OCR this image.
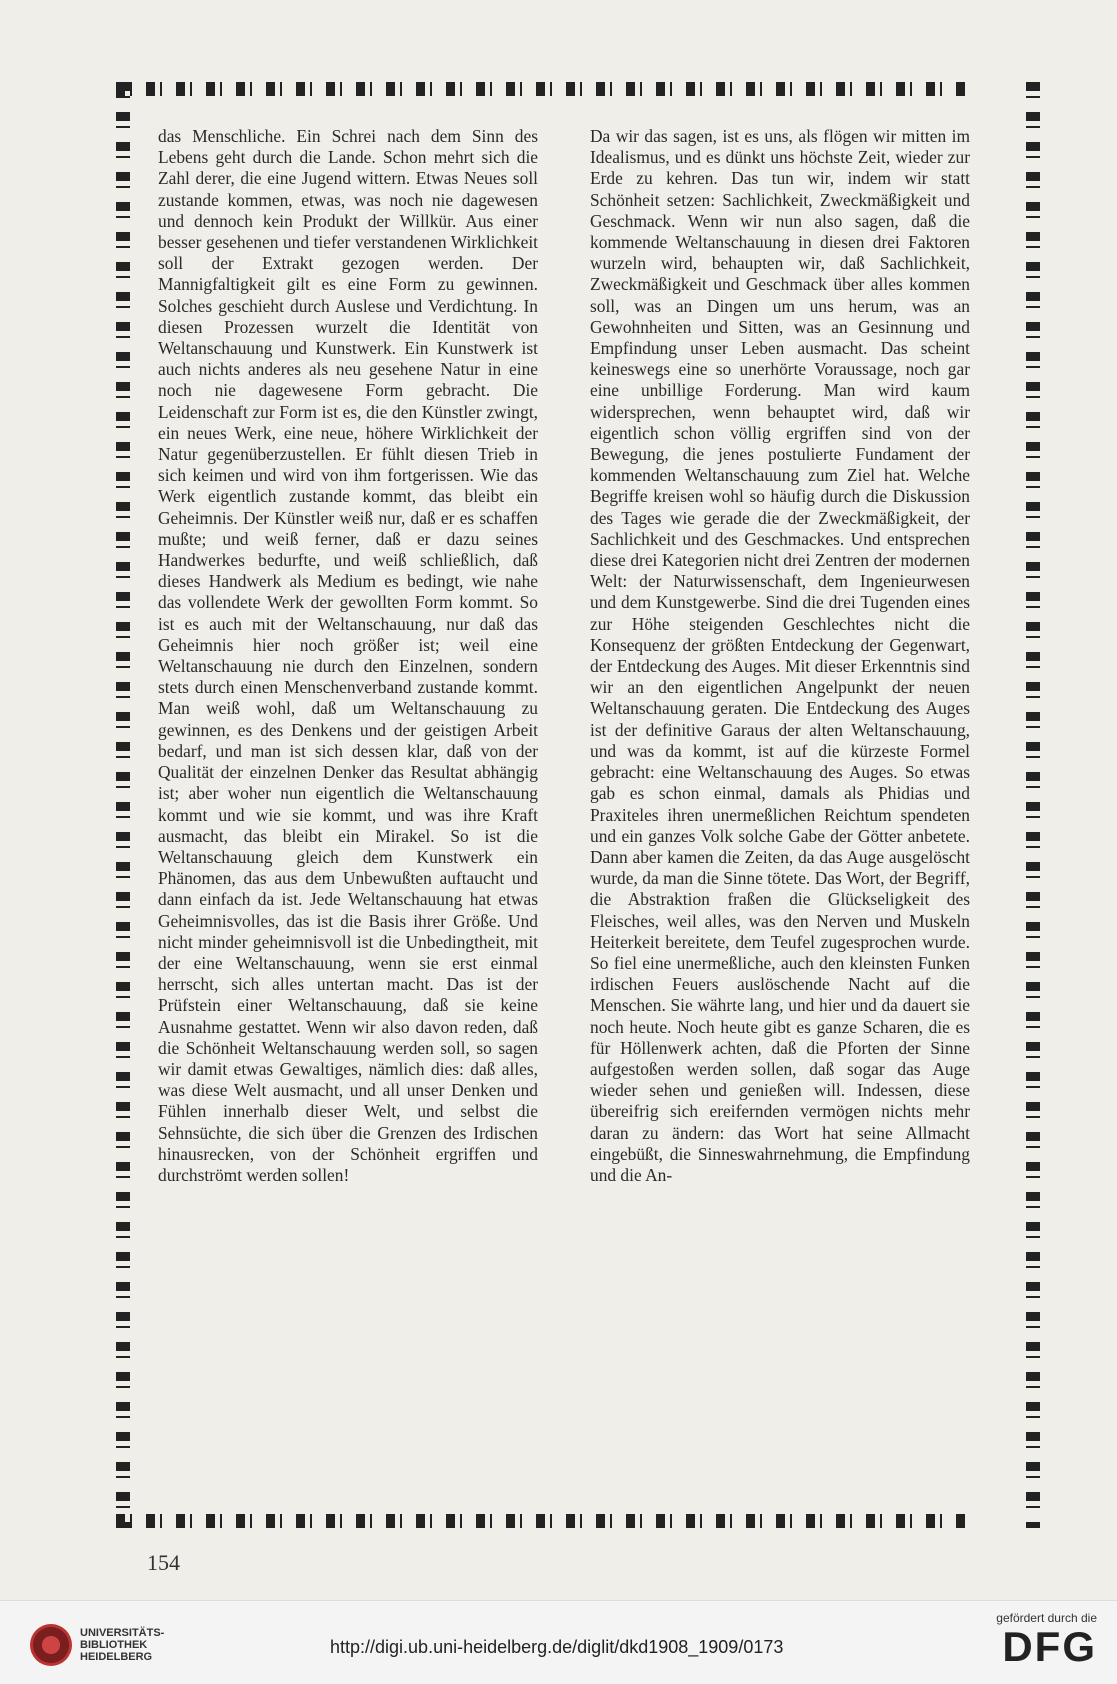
das Menschliche. Ein Schrei nach dem Sinn des Lebens geht durch die Lande. Schon mehrt sich die Zahl derer, die eine Jugend wittern. Etwas Neues soll zustande kommen, etwas, was noch nie dagewesen und dennoch kein Produkt der Willkür. Aus einer besser gesehenen und tiefer verstandenen Wirklichkeit soll der Extrakt gezogen werden. Der Mannigfaltigkeit gilt es eine Form zu gewinnen. Solches geschieht durch Auslese und Verdichtung. In diesen Prozessen wurzelt die Identität von Weltanschauung und Kunstwerk. Ein Kunstwerk ist auch nichts anderes als neu gesehene Natur in eine noch nie dagewesene Form gebracht. Die Leidenschaft zur Form ist es, die den Künstler zwingt, ein neues Werk, eine neue, höhere Wirklichkeit der Natur gegenüberzustellen. Er fühlt diesen Trieb in sich keimen und wird von ihm fortgerissen. Wie das Werk eigentlich zustande kommt, das bleibt ein Geheimnis. Der Künstler weiß nur, daß er es schaffen mußte; und weiß ferner, daß er dazu seines Handwerkes bedurfte, und weiß schließlich, daß dieses Handwerk als Medium es bedingt, wie nahe das vollendete Werk der gewollten Form kommt. So ist es auch mit der Weltanschauung, nur daß das Geheimnis hier noch größer ist; weil eine Weltanschauung nie durch den Einzelnen, sondern stets durch einen Menschenverband zustande kommt. Man weiß wohl, daß um Weltanschauung zu gewinnen, es des Denkens und der geistigen Arbeit bedarf, und man ist sich dessen klar, daß von der Qualität der einzelnen Denker das Resultat abhängig ist; aber woher nun eigentlich die Weltanschauung kommt und wie sie kommt, und was ihre Kraft ausmacht, das bleibt ein Mirakel. So ist die Weltanschauung gleich dem Kunstwerk ein Phänomen, das aus dem Unbewußten auftaucht und dann einfach da ist. Jede Weltanschauung hat etwas Geheimnisvolles, das ist die Basis ihrer Größe. Und nicht minder geheimnisvoll ist die Unbedingtheit, mit der eine Weltanschauung, wenn sie erst einmal herrscht, sich alles untertan macht. Das ist der Prüfstein einer Weltanschauung, daß sie keine Ausnahme gestattet. Wenn wir also davon reden, daß die Schönheit Weltanschauung werden soll, so sagen wir damit etwas Gewaltiges, nämlich dies: daß alles, was diese Welt ausmacht, und all unser Denken und Fühlen innerhalb dieser Welt, und selbst die Sehnsüchte, die sich über die Grenzen des Irdischen hinausrecken, von der Schönheit ergriffen und durchströmt werden sollen!

Da wir das sagen, ist es uns, als flögen wir mitten im Idealismus, und es dünkt uns höchste Zeit, wieder zur Erde zu kehren. Das tun wir, indem wir statt Schönheit setzen: Sachlichkeit, Zweckmäßigkeit und Geschmack. Wenn wir nun also sagen, daß die kommende Weltanschauung in diesen drei Faktoren wurzeln wird, behaupten wir, daß Sachlichkeit, Zweckmäßigkeit und Geschmack über alles kommen soll, was an Dingen um uns herum, was an Gewohnheiten und Sitten, was an Gesinnung und Empfindung unser Leben ausmacht. Das scheint keineswegs eine so unerhörte Voraussage, noch gar eine unbillige Forderung. Man wird kaum widersprechen, wenn behauptet wird, daß wir eigentlich schon völlig ergriffen sind von der Bewegung, die jenes postulierte Fundament der kommenden Weltanschauung zum Ziel hat. Welche Begriffe kreisen wohl so häufig durch die Diskussion des Tages wie gerade die der Zweckmäßigkeit, der Sachlichkeit und des Geschmackes. Und entsprechen diese drei Kategorien nicht drei Zentren der modernen Welt: der Naturwissenschaft, dem Ingenieurwesen und dem Kunstgewerbe. Sind die drei Tugenden eines zur Höhe steigenden Geschlechtes nicht die Konsequenz der größten Entdeckung der Gegenwart, der Entdeckung des Auges. Mit dieser Erkenntnis sind wir an den eigentlichen Angelpunkt der neuen Weltanschauung geraten. Die Entdeckung des Auges ist der definitive Garaus der alten Weltanschauung, und was da kommt, ist auf die kürzeste Formel gebracht: eine Weltanschauung des Auges. So etwas gab es schon einmal, damals als Phidias und Praxiteles ihren unermeßlichen Reichtum spendeten und ein ganzes Volk solche Gabe der Götter anbetete. Dann aber kamen die Zeiten, da das Auge ausgelöscht wurde, da man die Sinne tötete. Das Wort, der Begriff, die Abstraktion fraßen die Glückseligkeit des Fleisches, weil alles, was den Nerven und Muskeln Heiterkeit bereitete, dem Teufel zugesprochen wurde. So fiel eine unermeßliche, auch den kleinsten Funken irdischen Feuers auslöschende Nacht auf die Menschen. Sie währte lang, und hier und da dauert sie noch heute. Noch heute gibt es ganze Scharen, die es für Höllenwerk achten, daß die Pforten der Sinne aufgestoßen werden sollen, daß sogar das Auge wieder sehen und genießen will. Indessen, diese übereifrig sich ereifernden vermögen nichts mehr daran zu ändern: das Wort hat seine Allmacht eingebüßt, die Sinneswahrnehmung, die Empfindung und die An-

154
UNIVERSITÄTS-
BIBLIOTHEK
HEIDELBERG	http://digi.ub.uni-heidelberg.de/diglit/dkd1908_1909/0173
gefördert durch die
DFG
